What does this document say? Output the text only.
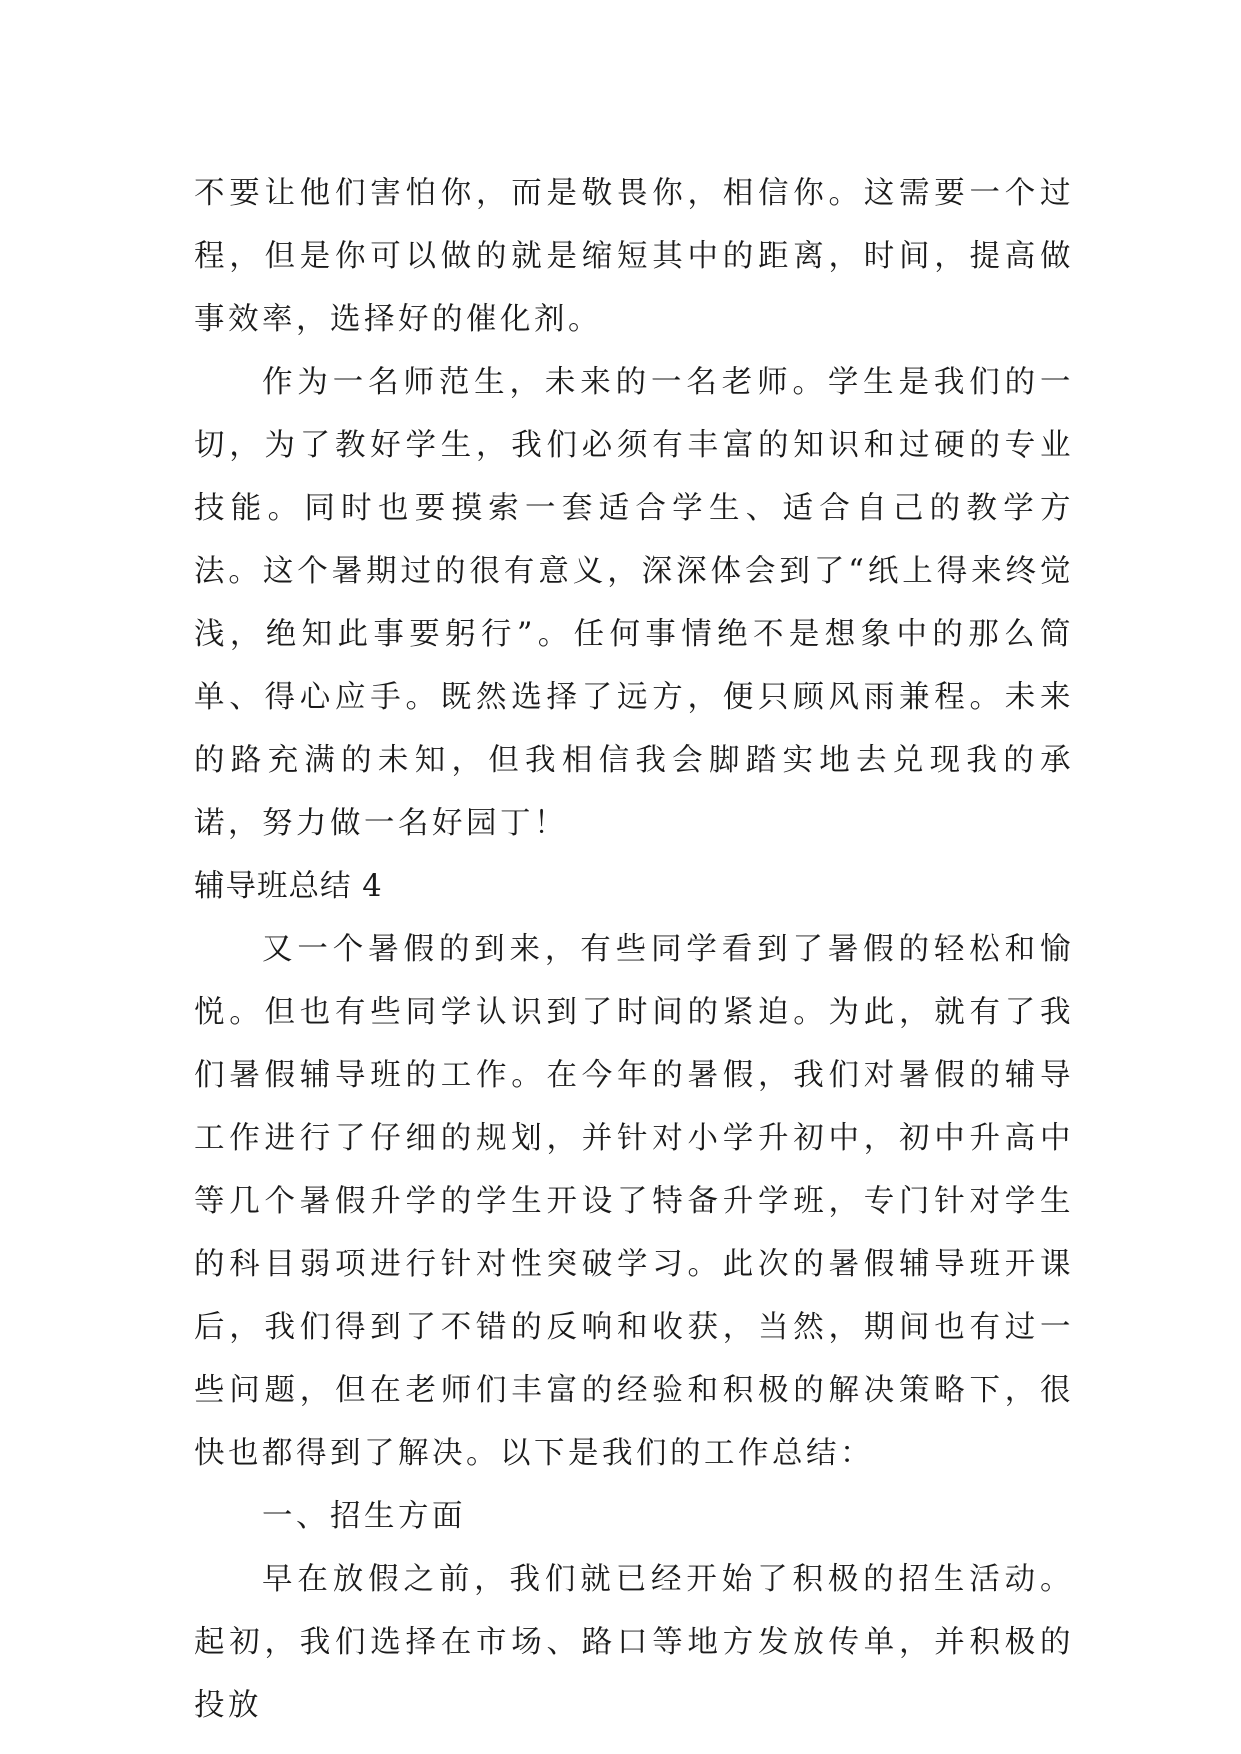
不要让他们害怕你，而是敬畏你，相信你。这需要一个过程，但是你可以做的就是缩短其中的距离，时间，提高做事效率，选择好的催化剂。

作为一名师范生，未来的一名老师。学生是我们的一切，为了教好学生，我们必须有丰富的知识和过硬的专业技能。同时也要摸索一套适合学生、适合自己的教学方法。这个暑期过的很有意义，深深体会到了“纸上得来终觉浅，绝知此事要躬行”。任何事情绝不是想象中的那么简单、得心应手。既然选择了远方，便只顾风雨兼程。未来的路充满的未知，但我相信我会脚踏实地去兑现我的承诺，努力做一名好园丁！

辅导班总结 4

又一个暑假的到来，有些同学看到了暑假的轻松和愉悦。但也有些同学认识到了时间的紧迫。为此，就有了我们暑假辅导班的工作。在今年的暑假，我们对暑假的辅导工作进行了仔细的规划，并针对小学升初中，初中升高中等几个暑假升学的学生开设了特备升学班，专门针对学生的科目弱项进行针对性突破学习。此次的暑假辅导班开课后，我们得到了不错的反响和收获，当然，期间也有过一些问题，但在老师们丰富的经验和积极的解决策略下，很快也都得到了解决。以下是我们的工作总结：

一、招生方面

早在放假之前，我们就已经开始了积极的招生活动。起初，我们选择在市场、路口等地方发放传单，并积极的投放
